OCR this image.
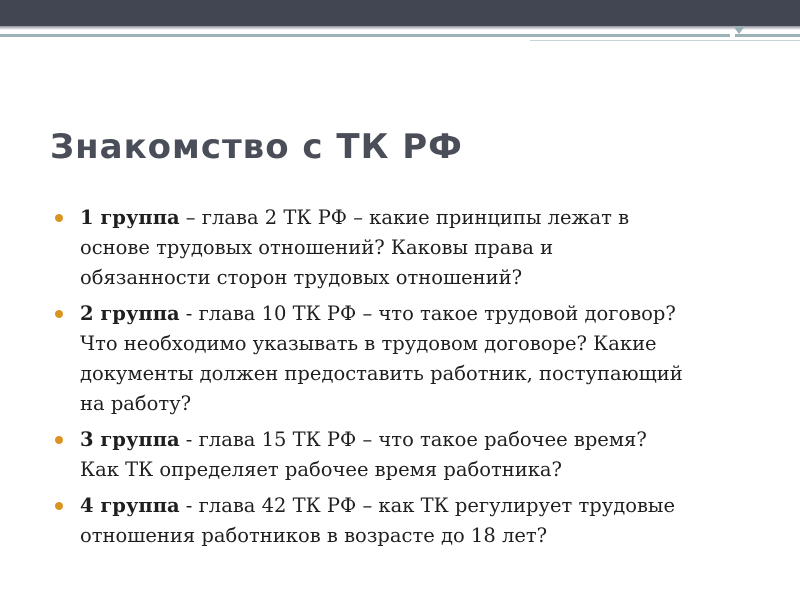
Знакомство с ТК РФ
1 группа – глава 2 ТК РФ – какие принципы лежат в
основе трудовых отношений? Каковы права и
обязанности сторон трудовых отношений?
2 группа - глава 10 ТК РФ – что такое трудовой договор?
Что необходимо указывать в трудовом договоре? Какие
документы должен предоставить работник, поступающий
на работу?
3 группа - глава 15 ТК РФ – что такое рабочее время?
Как ТК определяет рабочее время работника?
4 группа - глава 42 ТК РФ – как ТК регулирует трудовые
отношения работников в возрасте до 18 лет?
